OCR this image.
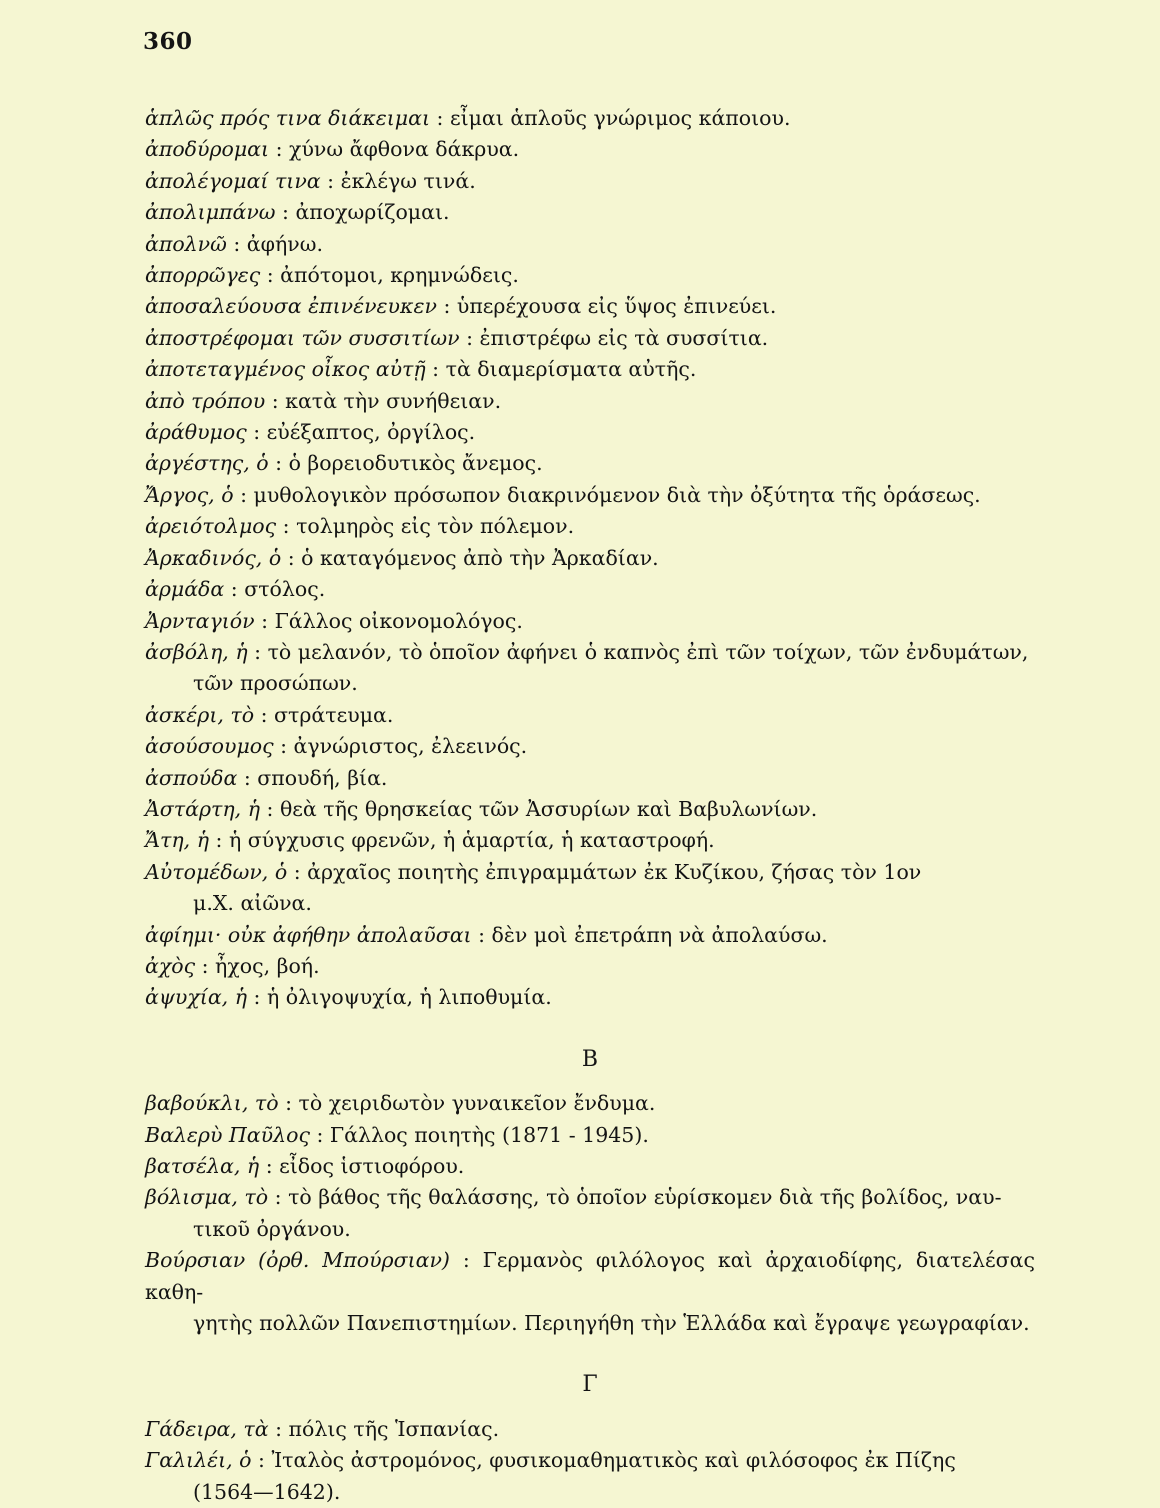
360
ἁπλῶς πρός τινα διάκειμαι : εἶμαι ἁπλοῦς γνώριμος κάποιου.
ἀποδύρομαι : χύνω ἄφθονα δάκρυα.
ἀπολέγομαί τινα : ἐκλέγω τινά.
ἀπολιμπάνω : ἀποχωρίζομαι.
ἀπολνῶ : ἀφήνω.
ἀπορρῶγες : ἀπότομοι, κρημνώδεις.
ἀποσαλεύουσα ἐπινένευκεν : ὑπερέχουσα εἰς ὕψος ἐπινεύει.
ἀποστρέφομαι τῶν συσσιτίων : ἐπιστρέφω εἰς τὰ συσσίτια.
ἀποτεταγμένος οἶκος αὐτῇ : τὰ διαμερίσματα αὐτῆς.
ἀπὸ τρόπου : κατὰ τὴν συνήθειαν.
ἀράθυμος : εὐέξαπτος, ὀργίλος.
ἀργέστης, ὁ : ὁ βορειοδυτικὸς ἄνεμος.
Ἄργος, ὁ : μυθολογικὸν πρόσωπον διακρινόμενον διὰ τὴν ὀξύτητα τῆς ὁράσεως.
ἀρειότολμος : τολμηρὸς εἰς τὸν πόλεμον.
Ἀρκαδινός, ὁ : ὁ καταγόμενος ἀπὸ τὴν Ἀρκαδίαν.
ἀρμάδα : στόλος.
Ἀρνταγιόν : Γάλλος οἰκονομολόγος.
ἀσβόλη, ἡ : τὸ μελανόν, τὸ ὁποῖον ἀφήνει ὁ καπνὸς ἐπὶ τῶν τοίχων, τῶν ἐνδυμάτων,
τῶν προσώπων.
ἀσκέρι, τὸ : στράτευμα.
ἀσούσουμος : ἀγνώριστος, ἐλεεινός.
ἀσπούδα : σπουδή, βία.
Ἀστάρτη, ἡ : θεὰ τῆς θρησκείας τῶν Ἀσσυρίων καὶ Βαβυλωνίων.
Ἄτη, ἡ : ἡ σύγχυσις φρενῶν, ἡ ἁμαρτία, ἡ καταστροφή.
Αὐτομέδων, ὁ : ἀρχαῖος ποιητὴς ἐπιγραμμάτων ἐκ Κυζίκου, ζήσας τὸν 1ον
μ.Χ. αἰῶνα.
ἀφίημι· οὐκ ἀφήθην ἀπολαῦσαι : δὲν μοὶ ἐπετράπη νὰ ἀπολαύσω.
ἀχὸς : ἦχος, βοή.
ἀψυχία, ἡ : ἡ ὀλιγοψυχία, ἡ λιποθυμία.
Β
βαβούκλι, τὸ : τὸ χειριδωτὸν γυναικεῖον ἔνδυμα.
Βαλερὺ Παῦλος : Γάλλος ποιητὴς (1871 - 1945).
βατσέλα, ἡ : εἶδος ἱστιοφόρου.
βόλισμα, τὸ : τὸ βάθος τῆς θαλάσσης, τὸ ὁποῖον εὑρίσκομεν διὰ τῆς βολίδος, ναυ-
τικοῦ ὀργάνου.
Βούρσιαν (ὀρθ. Μπούρσιαν) : Γερμανὸς φιλόλογος καὶ ἀρχαιοδίφης, διατελέσας καθη-
γητὴς πολλῶν Πανεπιστημίων. Περιηγήθη τὴν Ἑλλάδα καὶ ἔγραψε γεωγραφίαν.
Γ
Γάδειρα, τὰ : πόλις τῆς Ἱσπανίας.
Γαλιλέι, ὁ : Ἰταλὸς ἀστρομόνος, φυσικομαθηματικὸς καὶ φιλόσοφος ἐκ Πίζης
(1564—1642).
